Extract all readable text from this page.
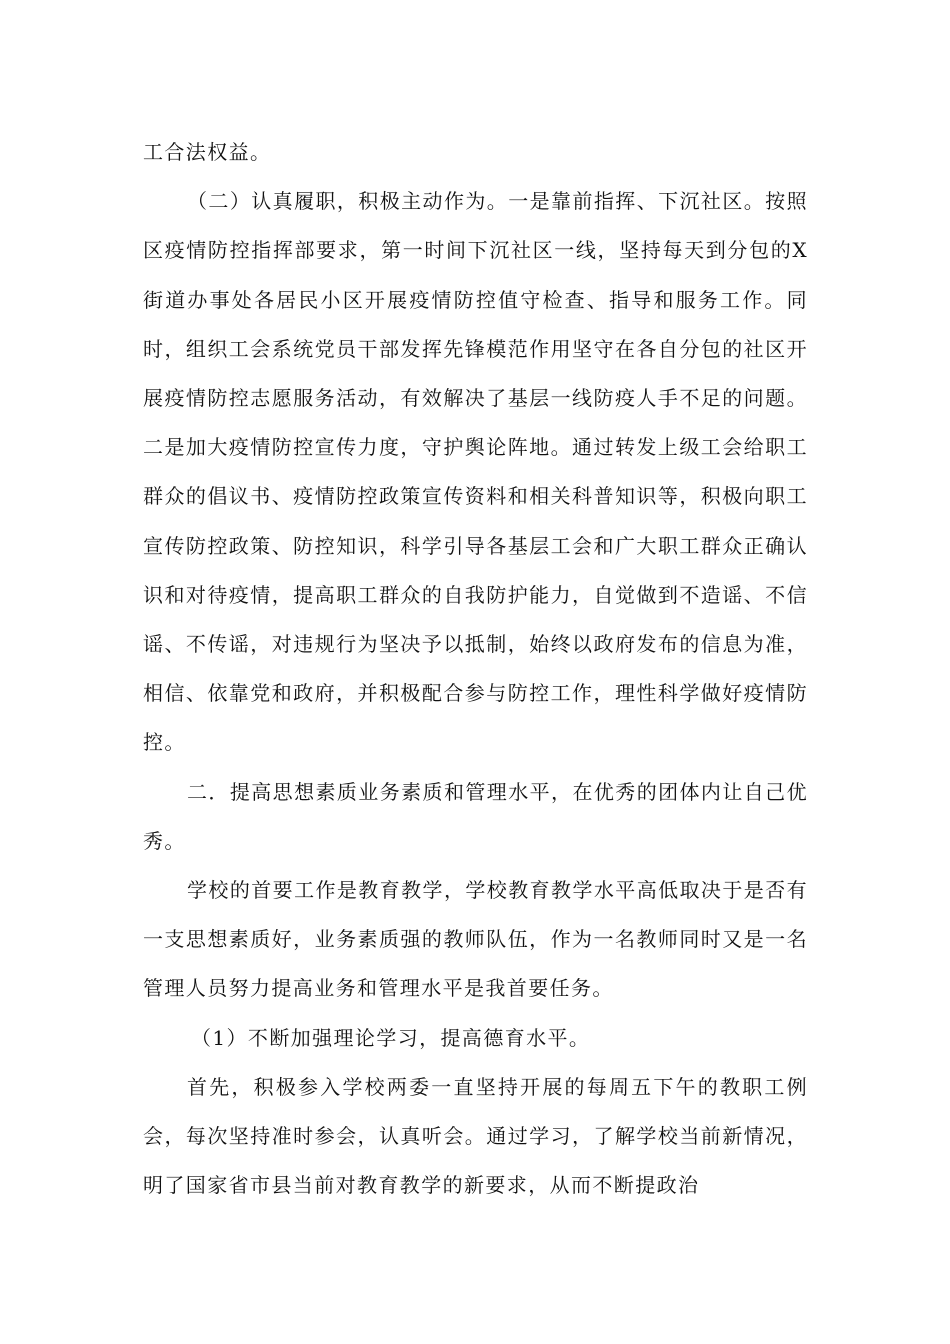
工合法权益。

（二）认真履职，积极主动作为。一是靠前指挥、下沉社区。按照区疫情防控指挥部要求，第一时间下沉社区一线，坚持每天到分包的X街道办事处各居民小区开展疫情防控值守检查、指导和服务工作。同时，组织工会系统党员干部发挥先锋模范作用坚守在各自分包的社区开展疫情防控志愿服务活动，有效解决了基层一线防疫人手不足的问题。二是加大疫情防控宣传力度，守护舆论阵地。通过转发上级工会给职工群众的倡议书、疫情防控政策宣传资料和相关科普知识等，积极向职工宣传防控政策、防控知识，科学引导各基层工会和广大职工群众正确认识和对待疫情，提高职工群众的自我防护能力，自觉做到不造谣、不信谣、不传谣，对违规行为坚决予以抵制，始终以政府发布的信息为准，相信、依靠党和政府，并积极配合参与防控工作，理性科学做好疫情防控。

二．提高思想素质业务素质和管理水平，在优秀的团体内让自己优秀。

学校的首要工作是教育教学，学校教育教学水平高低取决于是否有一支思想素质好，业务素质强的教师队伍，作为一名教师同时又是一名管理人员努力提高业务和管理水平是我首要任务。

（1）不断加强理论学习，提高德育水平。

首先，积极参入学校两委一直坚持开展的每周五下午的教职工例会，每次坚持准时参会，认真听会。通过学习，了解学校当前新情况，明了国家省市县当前对教育教学的新要求，从而不断提政治
